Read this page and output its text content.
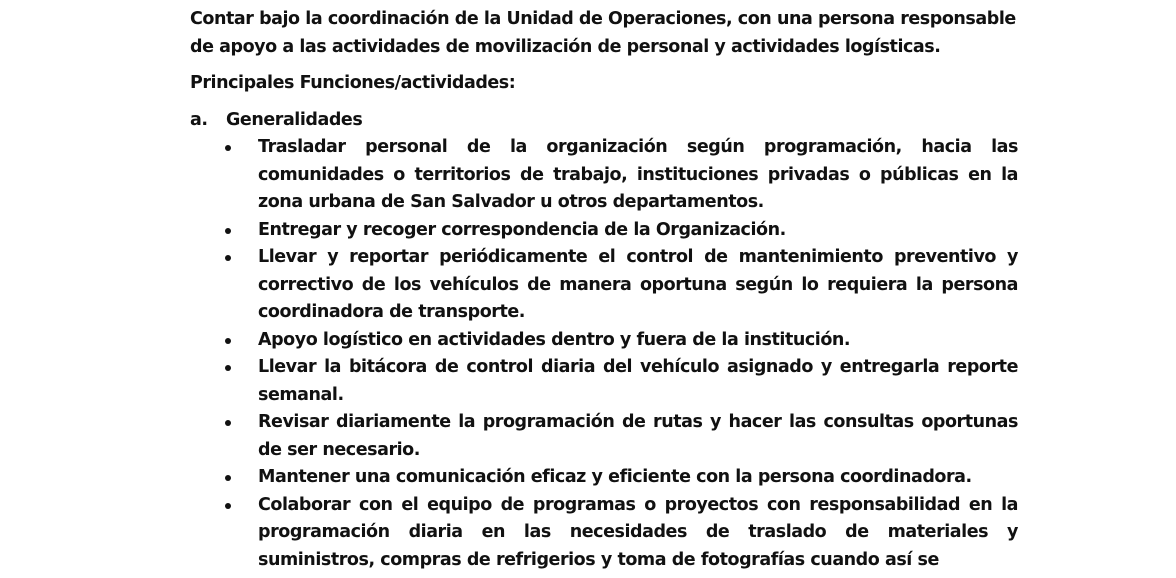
Contar bajo la coordinación de la Unidad de Operaciones, con una persona responsable de apoyo a las actividades de movilización de personal y actividades logísticas.

Principales Funciones/actividades:

a.	Generalidades
Trasladar personal de la organización según programación, hacia las comunidades o territorios de trabajo, instituciones privadas o públicas en la zona urbana de San Salvador u otros departamentos.
Entregar y recoger correspondencia de la Organización.
Llevar y reportar periódicamente el control de mantenimiento preventivo y correctivo de los vehículos de manera oportuna según lo requiera la persona coordinadora de transporte.
Apoyo logístico en actividades dentro y fuera de la institución.
Llevar la bitácora de control diaria del vehículo asignado y entregarla reporte semanal.
Revisar diariamente la programación de rutas y hacer las consultas oportunas de ser necesario.
Mantener una comunicación eficaz y eficiente con la persona coordinadora.
Colaborar con el equipo de programas o proyectos con responsabilidad en la programación diaria en las necesidades de traslado de materiales y suministros, compras de refrigerios y toma de fotografías cuando así se
